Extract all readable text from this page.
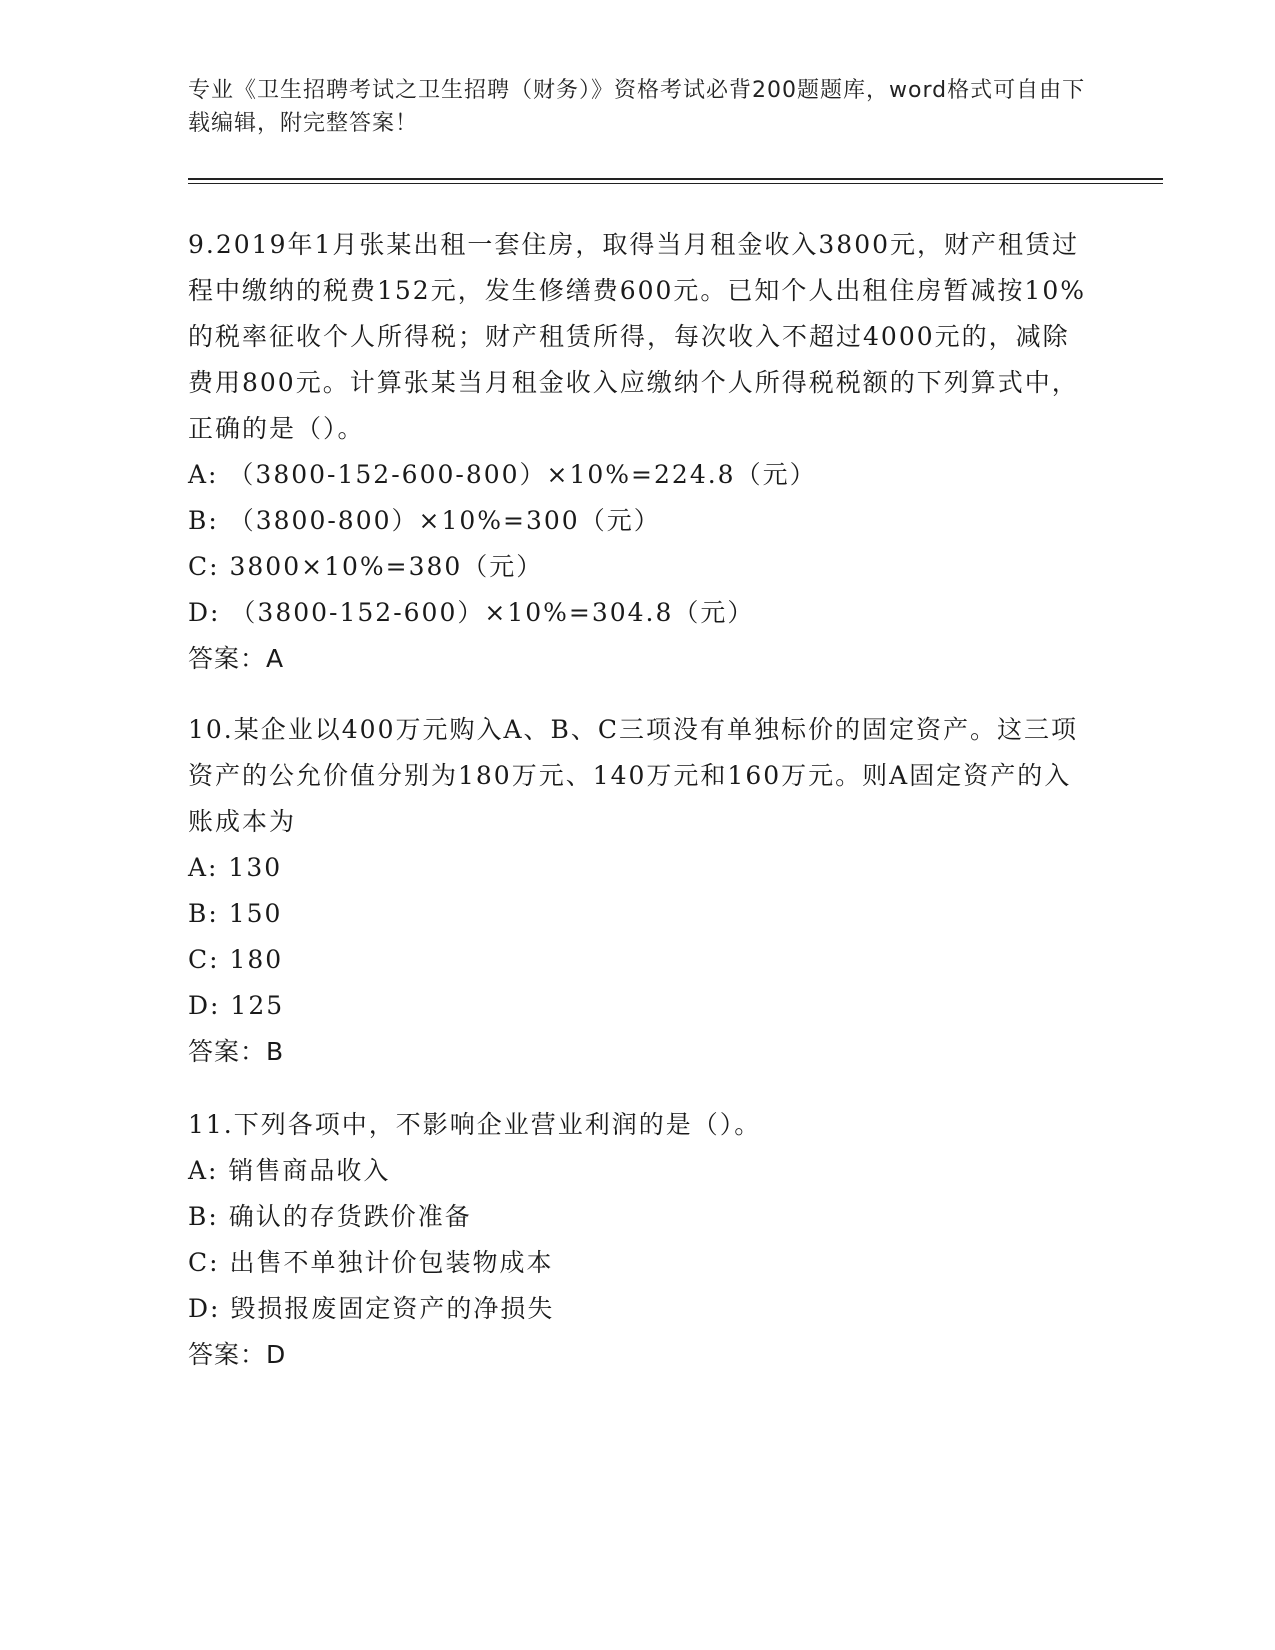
专业《卫生招聘考试之卫生招聘（财务）》资格考试必背200题题库，word格式可自由下载编辑，附完整答案！

9.2019年1月张某出租一套住房，取得当月租金收入3800元，财产租赁过程中缴纳的税费152元，发生修缮费600元。已知个人出租住房暂减按10%的税率征收个人所得税；财产租赁所得，每次收入不超过4000元的，减除费用800元。计算张某当月租金收入应缴纳个人所得税税额的下列算式中，正确的是（）。

A: （3800-152-600-800）×10%=224.8（元）

B: （3800-800）×10%=300（元）

C: 3800×10%=380（元）

D: （3800-152-600）×10%=304.8（元）

答案：A

10.某企业以400万元购入A、B、C三项没有单独标价的固定资产。这三项资产的公允价值分别为180万元、140万元和160万元。则A固定资产的入账成本为

A: 130

B: 150

C: 180

D: 125

答案：B

11.下列各项中，不影响企业营业利润的是（）。

A: 销售商品收入

B: 确认的存货跌价准备

C: 出售不单独计价包装物成本

D: 毁损报废固定资产的净损失

答案：D
